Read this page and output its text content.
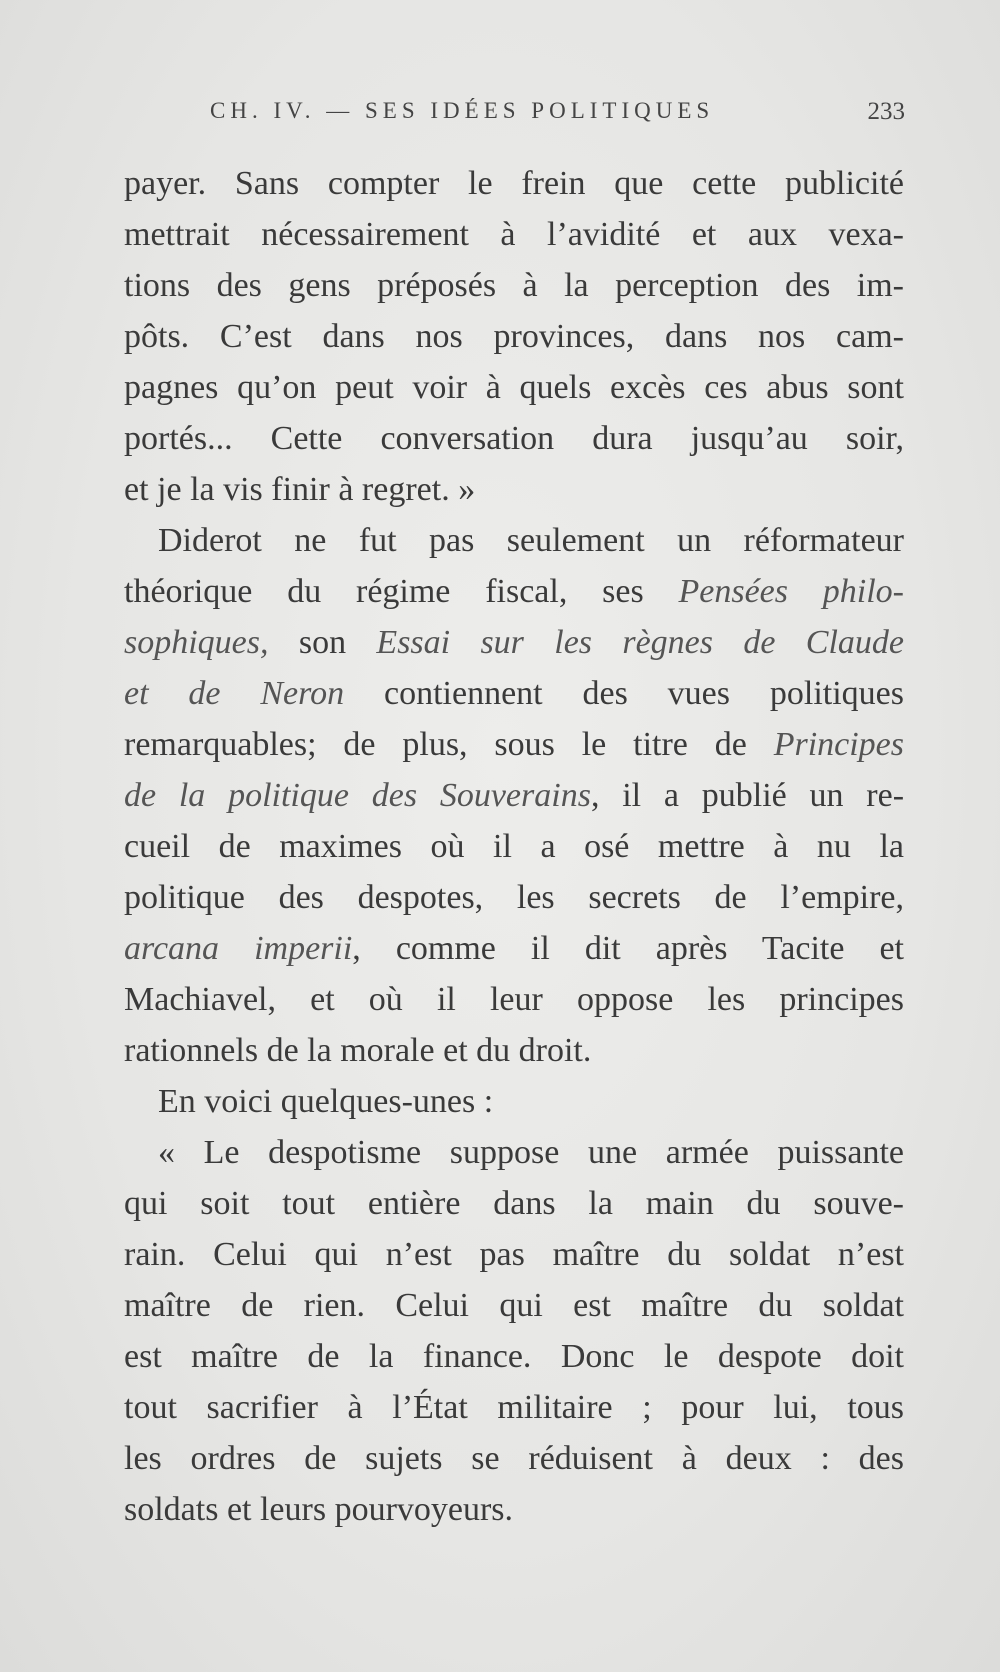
CH. IV. — SES IDÉES POLITIQUES	233
payer. Sans compter le frein que cette publicité
mettrait nécessairement à l’avidité et aux vexa-
tions des gens préposés à la perception des im-
pôts. C’est dans nos provinces, dans nos cam-
pagnes qu’on peut voir à quels excès ces abus sont
portés... Cette conversation dura jusqu’au soir,
et je la vis finir à regret. »
Diderot ne fut pas seulement un réformateur
théorique du régime fiscal, ses Pensées philo-
sophiques, son Essai sur les règnes de Claude
et de Neron contiennent des vues politiques
remarquables; de plus, sous le titre de Principes
de la politique des Souverains, il a publié un re-
cueil de maximes où il a osé mettre à nu la
politique des despotes, les secrets de l’empire,
arcana imperii, comme il dit après Tacite et
Machiavel, et où il leur oppose les principes
rationnels de la morale et du droit.
En voici quelques-unes :
« Le despotisme suppose une armée puissante
qui soit tout entière dans la main du souve-
rain. Celui qui n’est pas maître du soldat n’est
maître de rien. Celui qui est maître du soldat
est maître de la finance. Donc le despote doit
tout sacrifier à l’État militaire ; pour lui, tous
les ordres de sujets se réduisent à deux : des
soldats et leurs pourvoyeurs.
